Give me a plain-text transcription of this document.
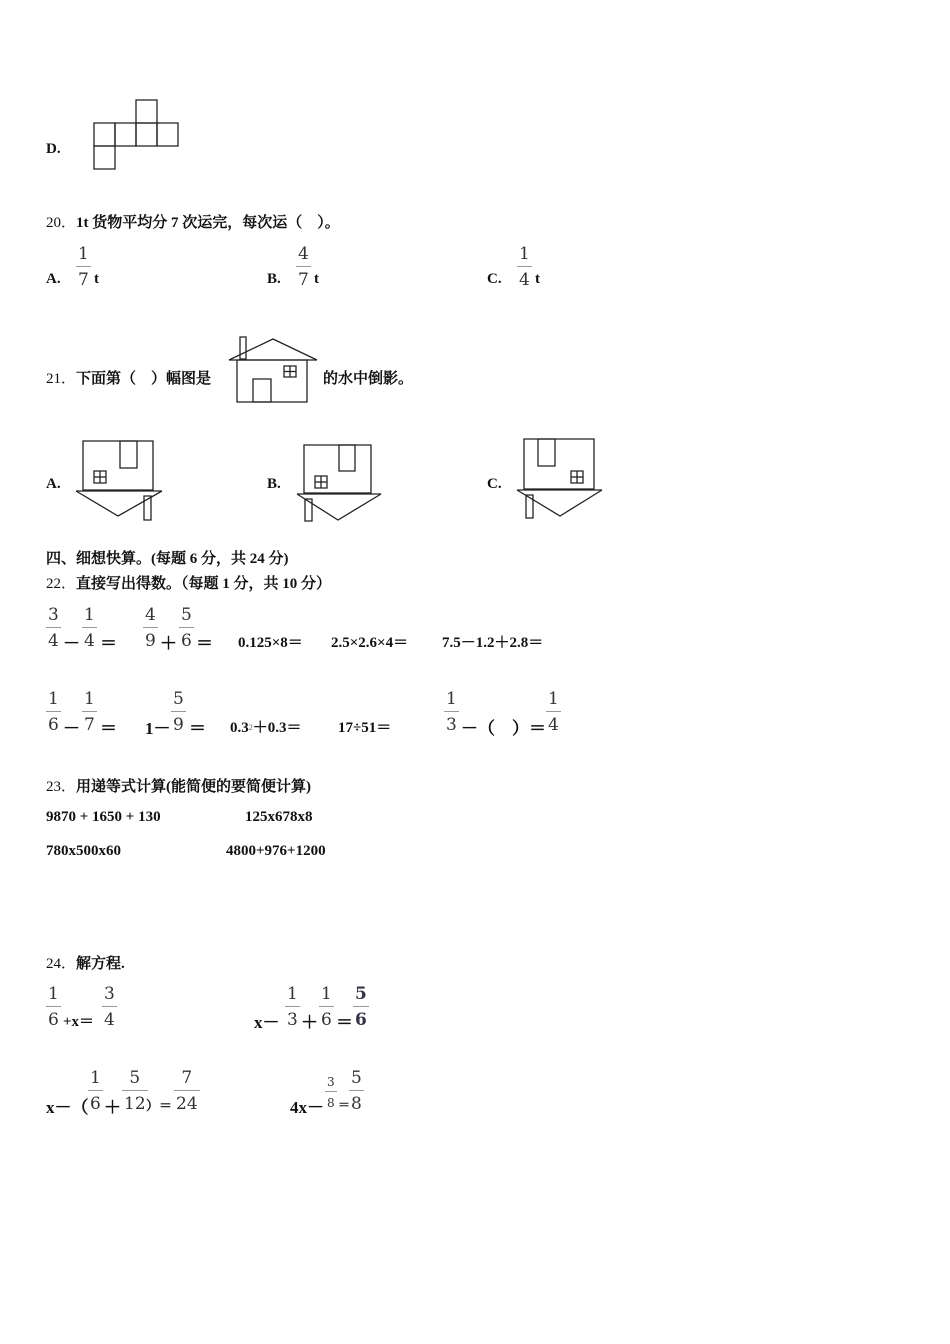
D.
20．1t 货物平均分 7 次运完，每次运（　）。
A.
1
7 t	B.
4
7 t	C.
1
4 t
21．下面第（　）幅图是	的水中倒影。
A.	B.	C.
四、细想快算。(每题 6 分，共 24 分)
22．直接写出得数。（每题 1 分，共 10 分）
3
4 －
1
4 ＝
4
9 ＋
5
6 ＝ 0.125×8＝ 2.5×2.6×4＝ 7.5－1.2＋2.8＝
1
6 －
1
7 ＝ 1－
5
$9 = 0.3^2+0.3= 17\div 51=$
1
3 －（　）＝
1
4
23．用递等式计算(能简便的要简便计算)
9870 + 1650 + 130	125x678x8
780x500x60	4800+976+1200
24．解方程.
1
6 +x＝
3
4	x－
1
3 ＋
1
6 ＝
5
6
x－（
1
6 ＋
5
12 ）＝
7
24	4x－
3
8 ＝
5
8
